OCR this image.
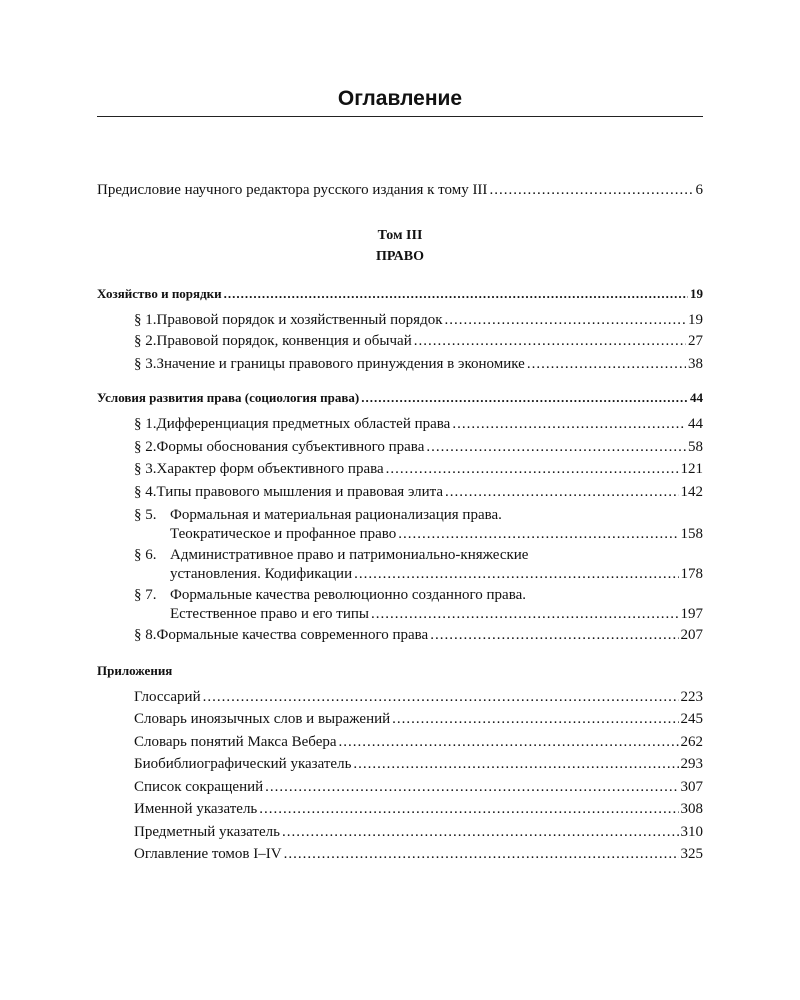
Оглавление
Предисловие научного редактора русского издания к тому III .....	6
Том III
ПРАВО
Хозяйство и порядки .....	19
§ 1. Правовой порядок и хозяйственный порядок .....	19
§ 2. Правовой порядок, конвенция и обычай .....	27
§ 3. Значение и границы правового принуждения в экономике .....	38
Условия развития права (социология права) .....	44
§ 1. Дифференциация предметных областей права .....	44
§ 2. Формы обоснования субъективного права .....	58
§ 3. Характер форм объективного права .....	121
§ 4. Типы правового мышления и правовая элита .....	142
§ 5. Формальная и материальная рационализация права.
Теократическое и профанное право .....	158
§ 6. Административное право и патримониально-княжеские
установления. Кодификации .....	178
§ 7. Формальные качества революционно созданного права.
Естественное право и его типы .....	197
§ 8. Формальные качества современного права .....	207
Приложения
Глоссарий .....	223
Словарь иноязычных слов и выражений .....	245
Словарь понятий Макса Вебера .....	262
Биобиблиографический указатель .....	293
Список сокращений .....	307
Именной указатель .....	308
Предметный указатель .....	310
Оглавление томов I–IV .....	325
